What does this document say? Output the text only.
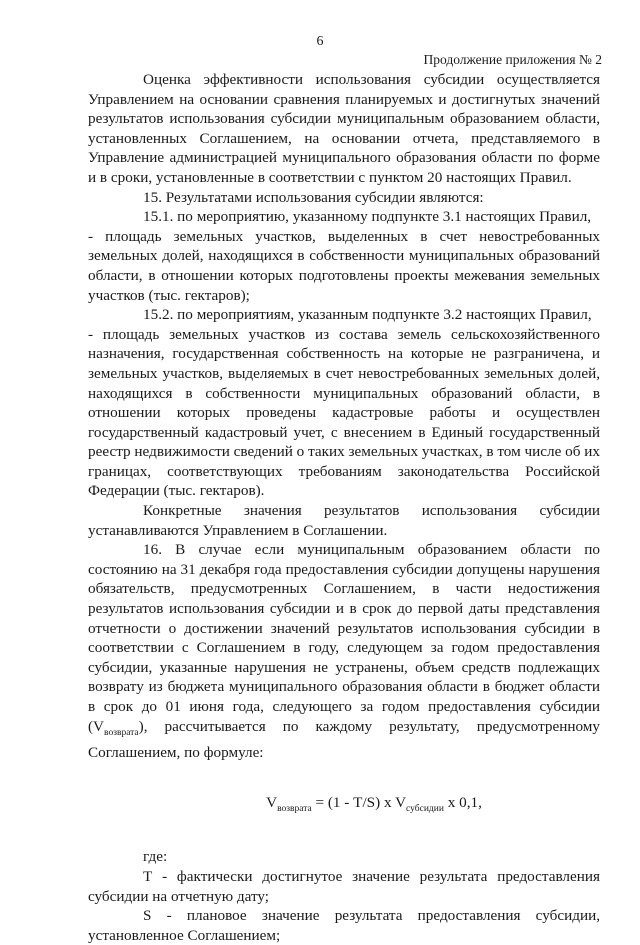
6
Продолжение приложения № 2

Оценка эффективности использования субсидии осуществляется Управлением на основании сравнения планируемых и достигнутых значений результатов использования субсидии муниципальным образованием области, установленных Соглашением, на основании отчета, представляемого в Управление администрацией муниципального образования области по форме и в сроки, установленные в соответствии с пунктом 20 настоящих Правил.

15. Результатами использования субсидии являются:

15.1. по мероприятию, указанному подпункте 3.1 настоящих Правил,

- площадь земельных участков, выделенных в счет невостребованных земельных долей, находящихся в собственности муниципальных образований области, в отношении которых подготовлены проекты межевания земельных участков (тыс. гектаров);

15.2. по мероприятиям, указанным подпункте 3.2 настоящих Правил,

- площадь земельных участков из состава земель сельскохозяйственного назначения, государственная собственность на которые не разграничена, и земельных участков, выделяемых в счет невостребованных земельных долей, находящихся в собственности муниципальных образований области, в отношении которых проведены кадастровые работы и осуществлен государственный кадастровый учет, с внесением в Единый государственный реестр недвижимости сведений о таких земельных участках, в том числе об их границах, соответствующих требованиям законодательства Российской Федерации (тыс. гектаров).

Конкретные значения результатов использования субсидии устанавливаются Управлением в Соглашении.

16. В случае если муниципальным образованием области по состоянию на 31 декабря года предоставления субсидии допущены нарушения обязательств, предусмотренных Соглашением, в части недостижения результатов использования субсидии и в срок до первой даты представления отчетности о достижении значений результатов использования субсидии в соответствии с Соглашением в году, следующем за годом предоставления субсидии, указанные нарушения не устранены, объем средств подлежащих возврату из бюджета муниципального образования области в бюджет области в срок до 01 июня года, следующего за годом предоставления субсидии $(V_{возврата})$, рассчитывается по каждому результату, предусмотренному Соглашением, по формуле:

$V_{возврата} = (1 - T/S)$ x $V_{субсидии}$ x 0,1,

где:

Т - фактически достигнутое значение результата предоставления субсидии на отчетную дату;

S - плановое значение результата предоставления субсидии, установленное Соглашением;
